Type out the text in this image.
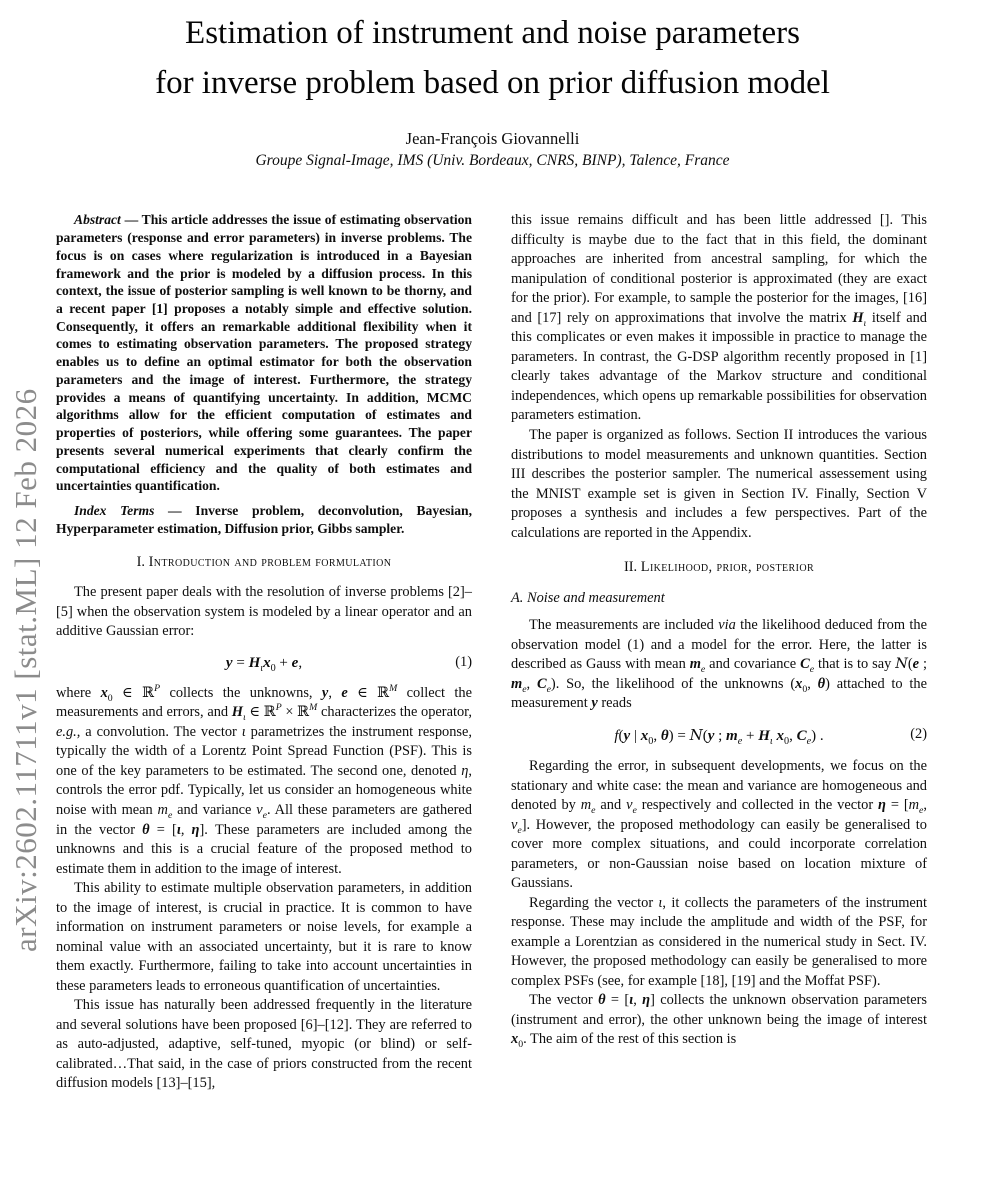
arXiv:2602.11711v1 [stat.ML] 12 Feb 2026
Estimation of instrument and noise parameters
for inverse problem based on prior diffusion model
Jean-François Giovannelli
Groupe Signal-Image, IMS (Univ. Bordeaux, CNRS, BINP), Talence, France

Abstract — This article addresses the issue of estimating observation parameters (response and error parameters) in inverse problems. The focus is on cases where regularization is introduced in a Bayesian framework and the prior is modeled by a diffusion process. In this context, the issue of posterior sampling is well known to be thorny, and a recent paper [1] proposes a notably simple and effective solution. Consequently, it offers an remarkable additional flexibility when it comes to estimating observation parameters. The proposed strategy enables us to define an optimal estimator for both the observation parameters and the image of interest. Furthermore, the strategy provides a means of quantifying uncertainty. In addition, MCMC algorithms allow for the efficient computation of estimates and properties of posteriors, while offering some guarantees. The paper presents several numerical experiments that clearly confirm the computational efficiency and the quality of both estimates and uncertainties quantification.

Index Terms — Inverse problem, deconvolution, Bayesian, Hyperparameter estimation, Diffusion prior, Gibbs sampler.

I. Introduction and problem formulation

The present paper deals with the resolution of inverse problems [2]–[5] when the observation system is modeled by a linear operator and an additive Gaussian error:

$y = H_\iota x_0 + e$,	(1)

where $x_0$ ∈ ℝ$^P$ collects the unknowns, y, e ∈ ℝ$^M$ collect the measurements and errors, and $H_\iota$ ∈ ℝ$^P$ × ℝ$^M$ characterizes the operator, e.g., a convolution. The vector ι parametrizes the instrument response, typically the width of a Lorentz Point Spread Function (PSF). This is one of the key parameters to be estimated. The second one, denoted η, controls the error pdf. Typically, let us consider an homogeneous white noise with mean $m_e$ and variance $v_e$. All these parameters are gathered in the vector θ = [ι, η]. These parameters are included among the unknowns and this is a crucial feature of the proposed method to estimate them in addition to the image of interest.

This ability to estimate multiple observation parameters, in addition to the image of interest, is crucial in practice. It is common to have information on instrument parameters or noise levels, for example a nominal value with an associated uncertainty, but it is rare to know them exactly. Furthermore, failing to take into account uncertainties in these parameters leads to erroneous quantification of uncertainties.

This issue has naturally been addressed frequently in the literature and several solutions have been proposed [6]–[12]. They are referred to as auto-adjusted, adaptive, self-tuned, myopic (or blind) or self-calibrated…That said, in the case of priors constructed from the recent diffusion models [13]–[15],

this issue remains difficult and has been little addressed []. This difficulty is maybe due to the fact that in this field, the dominant approaches are inherited from ancestral sampling, for which the manipulation of conditional posterior is approximated (they are exact for the prior). For example, to sample the posterior for the images, [16] and [17] rely on approximations that involve the matrix $H_\iota$ itself and this complicates or even makes it impossible in practice to manage the parameters. In contrast, the G-DSP algorithm recently proposed in [1] clearly takes advantage of the Markov structure and conditional independences, which opens up remarkable possibilities for observation parameters estimation.

The paper is organized as follows. Section II introduces the various distributions to model measurements and unknown quantities. Section III describes the posterior sampler. The numerical assessement using the MNIST example set is given in Section IV. Finally, Section V proposes a synthesis and includes a few perspectives. Part of the calculations are reported in the Appendix.

II. Likelihood, prior, posterior

A. Noise and measurement

The measurements are included via the likelihood deduced from the observation model (1) and a model for the error. Here, the latter is described as Gauss with mean $m_e$ and covariance $C_e$ that is to say N(e ; $m_e$, $C_e$). So, the likelihood of the unknowns ($x_0$, θ) attached to the measurement y reads

f(y | $x_0$, θ) = N(y ; $m_e + H_\iota$ $x_0$, $C_e$) .	(2)

Regarding the error, in subsequent developments, we focus on the stationary and white case: the mean and variance are homogeneous and denoted by $m_e$ and $v_e$ respectively and collected in the vector $\eta = [m_e$, $v_e$]. However, the proposed methodology can easily be generalised to cover more complex situations, and could incorporate correlation parameters, or non-Gaussian noise based on location mixture of Gaussians.

Regarding the vector ι, it collects the parameters of the instrument response. These may include the amplitude and width of the PSF, for example a Lorentzian as considered in the numerical study in Sect. IV. However, the proposed methodology can easily be generalised to more complex PSFs (see, for example [18], [19] and the Moffat PSF).

The vector θ = [ι, η] collects the unknown observation parameters (instrument and error), the other unknown being the image of interest $x_0$. The aim of the rest of this section is
